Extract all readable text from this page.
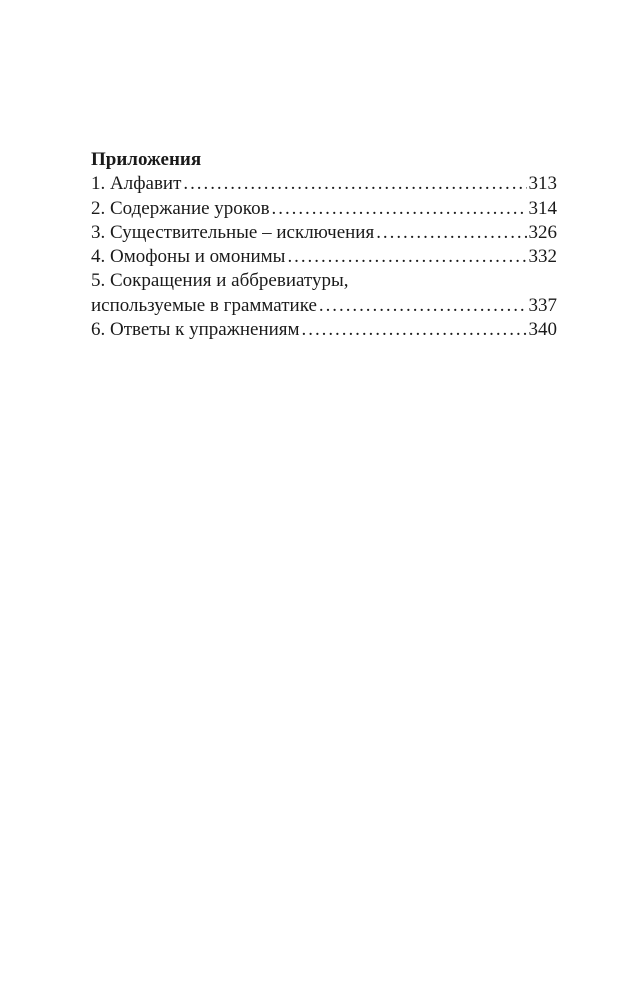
Приложения
1. Алфавит . . .	313
2. Содержание уроков . . .	314
3. Существительные – исключения . . .	326
4. Омофоны и омонимы . . .	332
5. Сокращения и аббревиатуры,
используемые в грамматике . . .	337
6. Ответы к упражнениям . . .	340
